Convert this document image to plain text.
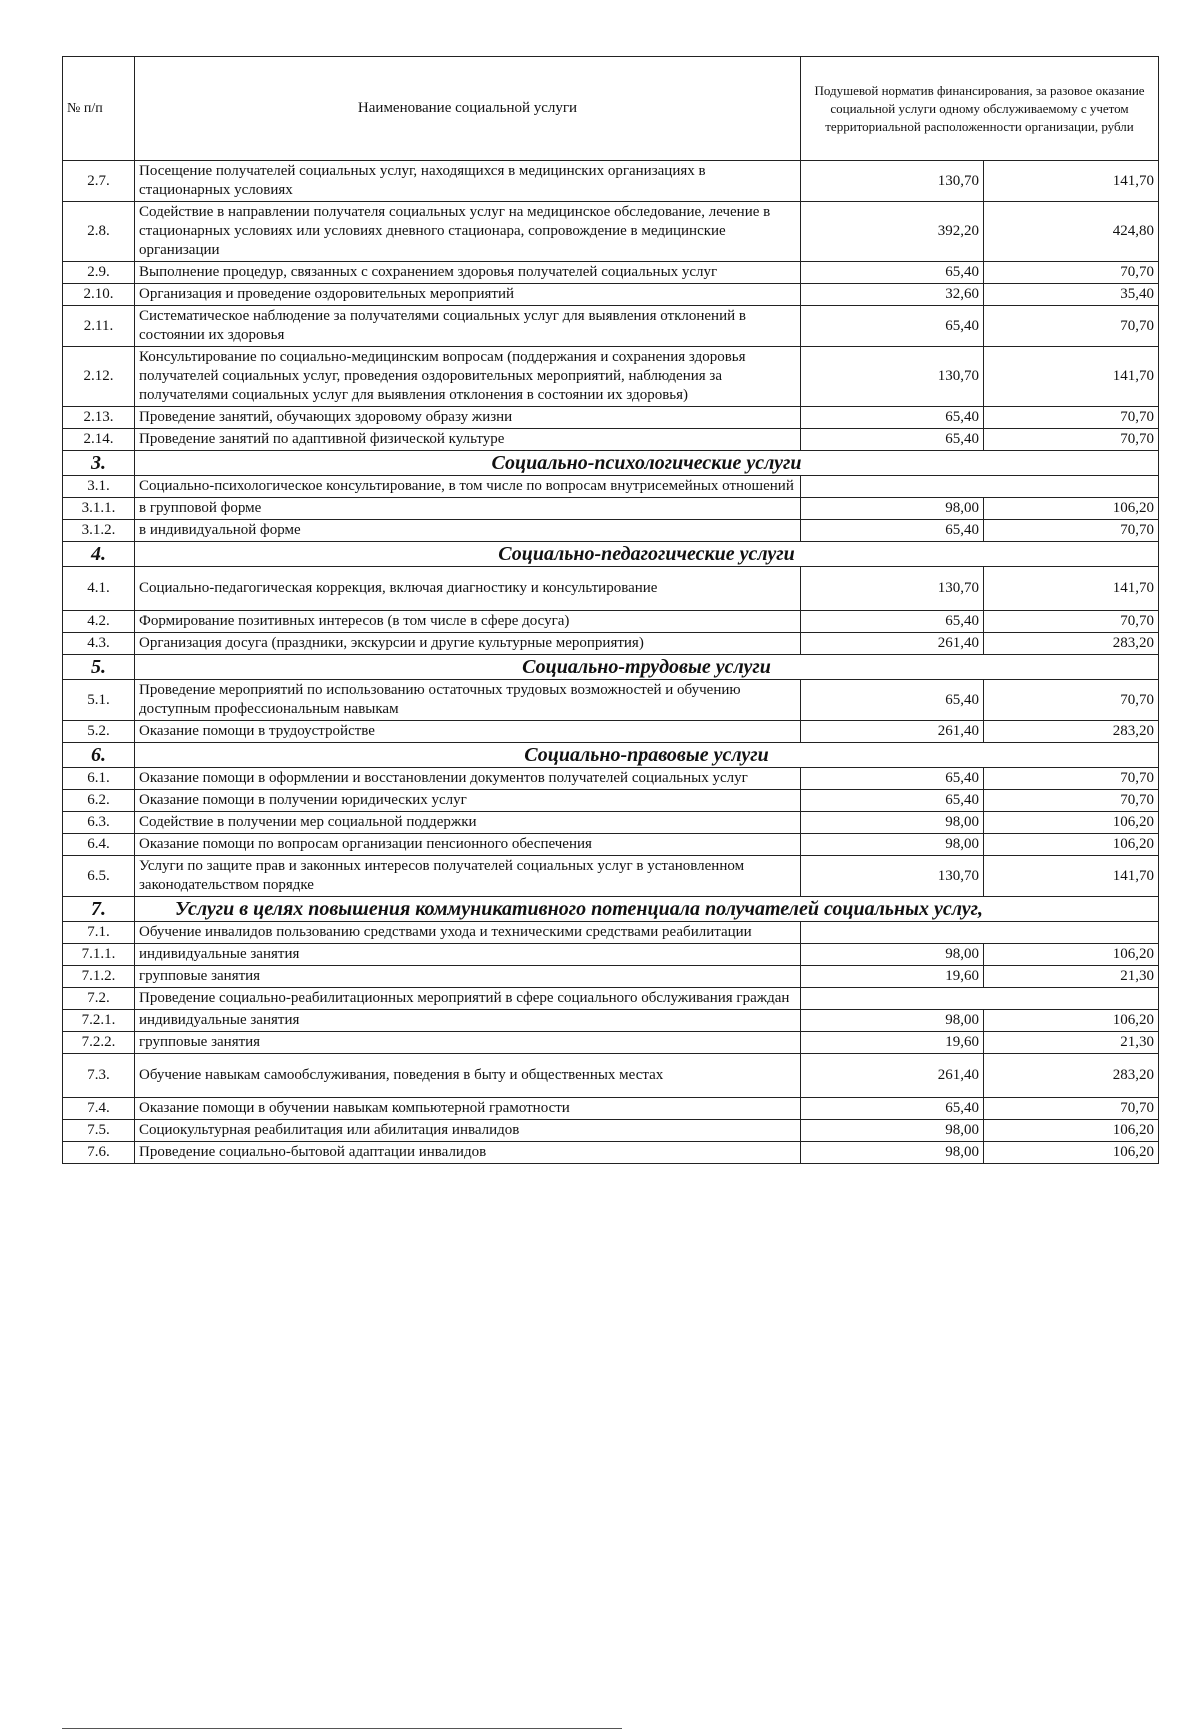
№ п/п	Наименование социальной услуги	Подушевой норматив финансирования, за разовое оказание социальной услуги одному обслуживаемому с учетом территориальной расположенности организации, рубли	
2.7.	Посещение получателей социальных услуг, находящихся в медицинских организациях в стационарных условиях	130,70	141,70
2.8.	Содействие в направлении получателя социальных услуг на медицинское обследование, лечение в стационарных условиях или условиях дневного стационара, сопровождение в медицинские организации	392,20	424,80
2.9.	Выполнение процедур, связанных с сохранением здоровья получателей социальных услуг	65,40	70,70
2.10.	Организация и проведение оздоровительных мероприятий	32,60	35,40
2.11.	Систематическое наблюдение за получателями социальных услуг для выявления отклонений в состоянии их здоровья	65,40	70,70
2.12.	Консультирование по социально-медицинским вопросам (поддержания и сохранения здоровья получателей социальных услуг, проведения оздоровительных мероприятий, наблюдения за получателями социальных услуг для выявления отклонения в состоянии их здоровья)	130,70	141,70
2.13.	Проведение занятий, обучающих здоровому образу жизни	65,40	70,70
2.14.	Проведение занятий по адаптивной физической культуре	65,40	70,70
3.	Социально-психологические услуги		
3.1.	Социально-психологическое консультирование, в том числе по вопросам внутрисемейных отношений		
3.1.1.	в групповой форме	98,00	106,20
3.1.2.	в индивидуальной форме	65,40	70,70
4.	Социально-педагогические услуги		
4.1.	Социально-педагогическая коррекция, включая диагностику и консультирование	130,70	141,70
4.2.	Формирование позитивных интересов (в том числе в сфере досуга)	65,40	70,70
4.3.	Организация досуга (праздники, экскурсии и другие культурные мероприятия)	261,40	283,20
5.	Социально-трудовые услуги		
5.1.	Проведение мероприятий по использованию остаточных трудовых возможностей и обучению доступным профессиональным навыкам	65,40	70,70
5.2.	Оказание помощи в трудоустройстве	261,40	283,20
6.	Социально-правовые услуги		
6.1.	Оказание помощи в оформлении и восстановлении документов получателей социальных услуг	65,40	70,70
6.2.	Оказание помощи в получении юридических услуг	65,40	70,70
6.3.	Содействие в получении мер социальной поддержки	98,00	106,20
6.4.	Оказание помощи по вопросам организации пенсионного обеспечения	98,00	106,20
6.5.	Услуги по защите прав и законных интересов получателей социальных услуг в установленном законодательством порядке	130,70	141,70
7.	Услуги в целях повышения коммуникативного потенциала получателей социальных услуг,		
7.1.	Обучение инвалидов пользованию средствами ухода и техническими средствами реабилитации		
7.1.1.	индивидуальные занятия	98,00	106,20
7.1.2.	групповые занятия	19,60	21,30
7.2.	Проведение социально-реабилитационных мероприятий в сфере социального обслуживания граждан		
7.2.1.	индивидуальные занятия	98,00	106,20
7.2.2.	групповые занятия	19,60	21,30
7.3.	Обучение навыкам самообслуживания, поведения в быту и общественных местах	261,40	283,20
7.4.	Оказание помощи в обучении навыкам компьютерной грамотности	65,40	70,70
7.5.	Социокультурная реабилитация или абилитация инвалидов	98,00	106,20
7.6.	Проведение социально-бытовой адаптации инвалидов	98,00	106,20
